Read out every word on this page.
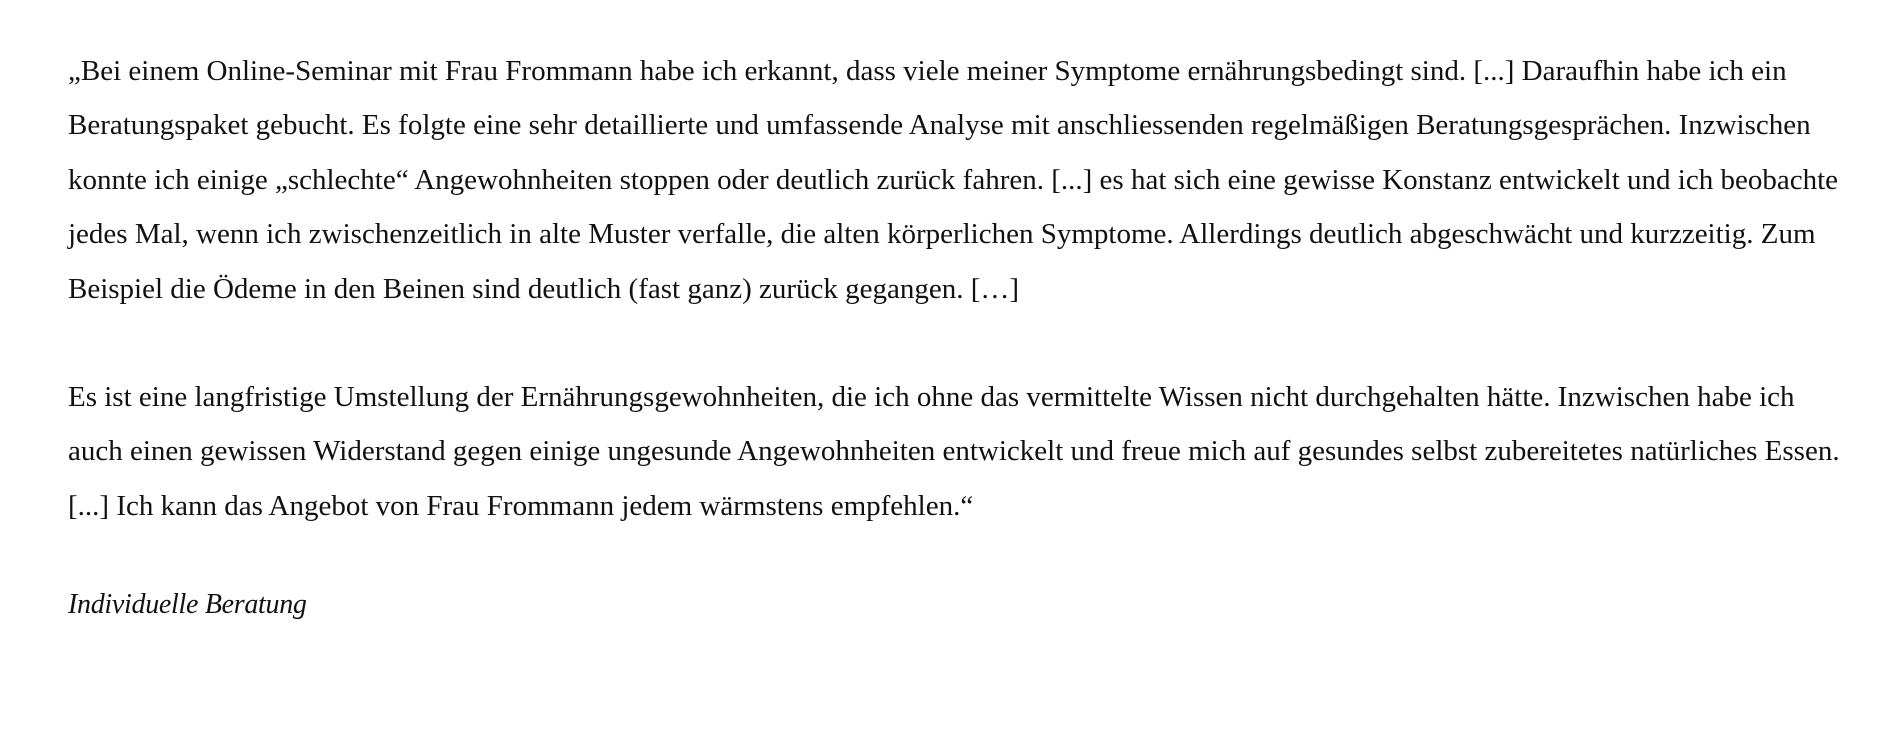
„Bei einem Online-Seminar mit Frau Frommann habe ich erkannt, dass viele meiner Symptome ernährungsbedingt sind. [...] Daraufhin habe ich ein Beratungspaket gebucht. Es folgte eine sehr detaillierte und umfassende Analyse mit anschliessenden regelmäßigen Beratungsgesprächen. Inzwischen konnte ich einige „schlechte“ Angewohnheiten stoppen oder deutlich zurück fahren. [...] es hat sich eine gewisse Konstanz entwickelt und ich beobachte jedes Mal, wenn ich zwischenzeitlich in alte Muster verfalle, die alten körperlichen Symptome. Allerdings deutlich abgeschwächt und kurzzeitig. Zum Beispiel die Ödeme in den Beinen sind deutlich (fast ganz) zurück gegangen. […]

Es ist eine langfristige Umstellung der Ernährungsgewohnheiten, die ich ohne das vermittelte Wissen nicht durchgehalten hätte. Inzwischen habe ich auch einen gewissen Widerstand gegen einige ungesunde Angewohnheiten entwickelt und freue mich auf gesundes selbst zubereitetes natürliches Essen. [...] Ich kann das Angebot von Frau Frommann jedem wärmstens empfehlen.“

Individuelle Beratung
